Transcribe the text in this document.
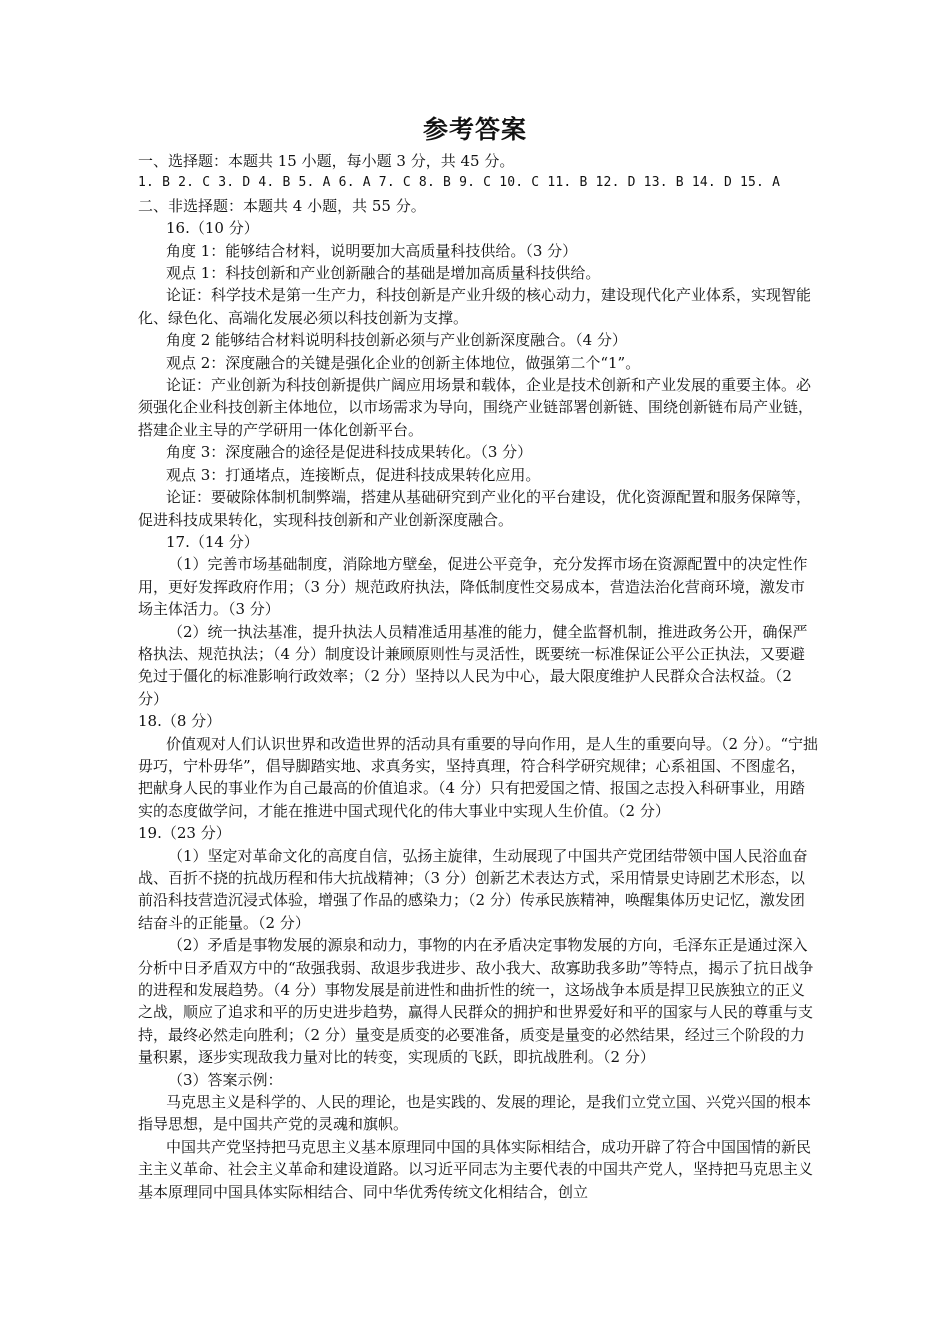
参考答案

一、选择题：本题共 15 小题，每小题 3 分，共 45 分。

1. B 2. C 3. D 4. B 5. A 6. A 7. C 8. B 9. C 10. C 11. B 12. D 13. B 14. D 15. A

二、非选择题：本题共 4 小题，共 55 分。

16.（10 分）

角度 1：能够结合材料，说明要加大高质量科技供给。（3 分）

观点 1：科技创新和产业创新融合的基础是增加高质量科技供给。

论证：科学技术是第一生产力，科技创新是产业升级的核心动力，建设现代化产业体系，实现智能化、绿色化、高端化发展必须以科技创新为支撑。

角度 2 能够结合材料说明科技创新必须与产业创新深度融合。（4 分）

观点 2：深度融合的关键是强化企业的创新主体地位，做强第二个“1”。

论证：产业创新为科技创新提供广阔应用场景和载体，企业是技术创新和产业发展的重要主体。必须强化企业科技创新主体地位，以市场需求为导向，围绕产业链部署创新链、围绕创新链布局产业链，搭建企业主导的产学研用一体化创新平台。

角度 3：深度融合的途径是促进科技成果转化。（3 分）

观点 3：打通堵点，连接断点，促进科技成果转化应用。

论证：要破除体制机制弊端，搭建从基础研究到产业化的平台建设，优化资源配置和服务保障等，促进科技成果转化，实现科技创新和产业创新深度融合。

17.（14 分）

（1）完善市场基础制度，消除地方壁垒，促进公平竞争，充分发挥市场在资源配置中的决定性作用，更好发挥政府作用；（3 分）规范政府执法，降低制度性交易成本，营造法治化营商环境，激发市场主体活力。（3 分）

（2）统一执法基准，提升执法人员精准适用基准的能力，健全监督机制，推进政务公开，确保严格执法、规范执法；（4 分）制度设计兼顾原则性与灵活性，既要统一标准保证公平公正执法，又要避免过于僵化的标准影响行政效率；（2 分）坚持以人民为中心，最大限度维护人民群众合法权益。（2 分）

18.（8 分）

价值观对人们认识世界和改造世界的活动具有重要的导向作用，是人生的重要向导。（2 分）。“宁拙毋巧，宁朴毋华”，倡导脚踏实地、求真务实，坚持真理，符合科学研究规律；心系祖国、不图虚名，把献身人民的事业作为自己最高的价值追求。（4 分）只有把爱国之情、报国之志投入科研事业，用踏实的态度做学问，才能在推进中国式现代化的伟大事业中实现人生价值。（2 分）

19.（23 分）

（1）坚定对革命文化的高度自信，弘扬主旋律，生动展现了中国共产党团结带领中国人民浴血奋战、百折不挠的抗战历程和伟大抗战精神；（3 分）创新艺术表达方式，采用情景史诗剧艺术形态，以前沿科技营造沉浸式体验，增强了作品的感染力；（2 分）传承民族精神，唤醒集体历史记忆，激发团结奋斗的正能量。（2 分）

（2）矛盾是事物发展的源泉和动力，事物的内在矛盾决定事物发展的方向，毛泽东正是通过深入分析中日矛盾双方中的“敌强我弱、敌退步我进步、敌小我大、敌寡助我多助”等特点，揭示了抗日战争的进程和发展趋势。（4 分）事物发展是前进性和曲折性的统一，这场战争本质是捍卫民族独立的正义之战，顺应了追求和平的历史进步趋势，赢得人民群众的拥护和世界爱好和平的国家与人民的尊重与支持，最终必然走向胜利；（2 分）量变是质变的必要准备，质变是量变的必然结果，经过三个阶段的力量积累，逐步实现敌我力量对比的转变，实现质的飞跃，即抗战胜利。（2 分）

（3）答案示例：

马克思主义是科学的、人民的理论，也是实践的、发展的理论，是我们立党立国、兴党兴国的根本指导思想，是中国共产党的灵魂和旗帜。

中国共产党坚持把马克思主义基本原理同中国的具体实际相结合，成功开辟了符合中国国情的新民主主义革命、社会主义革命和建设道路。以习近平同志为主要代表的中国共产党人，坚持把马克思主义基本原理同中国具体实际相结合、同中华优秀传统文化相结合，创立
